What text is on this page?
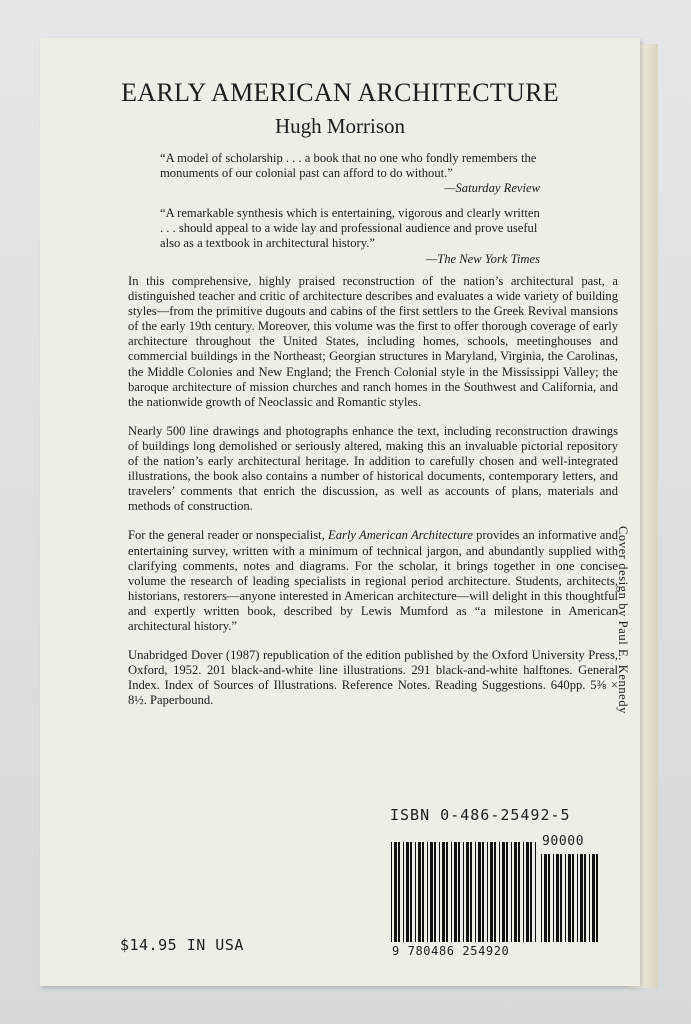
EARLY AMERICAN ARCHITECTURE
Hugh Morrison

“A model of scholarship . . . a book that no one who fondly remembers the monuments of our colonial past can afford to do without.”

—Saturday Review

“A remarkable synthesis which is entertaining, vigorous and clearly written . . . should appeal to a wide lay and professional audience and prove useful also as a textbook in architectural history.”

—The New York Times

In this comprehensive, highly praised reconstruction of the nation’s architectural past, a distinguished teacher and critic of architecture describes and evaluates a wide variety of building styles—from the primitive dugouts and cabins of the first settlers to the Greek Revival mansions of the early 19th century. Moreover, this volume was the first to offer thorough coverage of early architecture throughout the United States, including homes, schools, meetinghouses and commercial buildings in the Northeast; Georgian structures in Maryland, Virginia, the Carolinas, the Middle Colonies and New England; the French Colonial style in the Mississippi Valley; the baroque architecture of mission churches and ranch homes in the Southwest and California, and the nationwide growth of Neoclassic and Romantic styles.

Nearly 500 line drawings and photographs enhance the text, including reconstruction drawings of buildings long demolished or seriously altered, making this an invaluable pictorial repository of the nation’s early architectural heritage. In addition to carefully chosen and well-integrated illustrations, the book also contains a number of historical documents, contemporary letters, and travelers’ comments that enrich the discussion, as well as accounts of plans, materials and methods of construction.

For the general reader or nonspecialist, Early American Architecture provides an informative and entertaining survey, written with a minimum of technical jargon, and abundantly supplied with clarifying comments, notes and diagrams. For the scholar, it brings together in one concise volume the research of leading specialists in regional period architecture. Students, architects, historians, restorers—anyone interested in American architecture—will delight in this thoughtful and expertly written book, described by Lewis Mumford as “a milestone in American architectural history.”

Unabridged Dover (1987) republication of the edition published by the Oxford University Press, Oxford, 1952. 201 black-and-white line illustrations. 291 black-and-white halftones. General Index. Index of Sources of Illustrations. Reference Notes. Reading Suggestions. 640pp. 5⅜ × 8½. Paperbound.	Cover design by Paul E. Kennedy
ISBN 0-486-25492-5
90000
9 780486 254920
$14.95 IN USA
